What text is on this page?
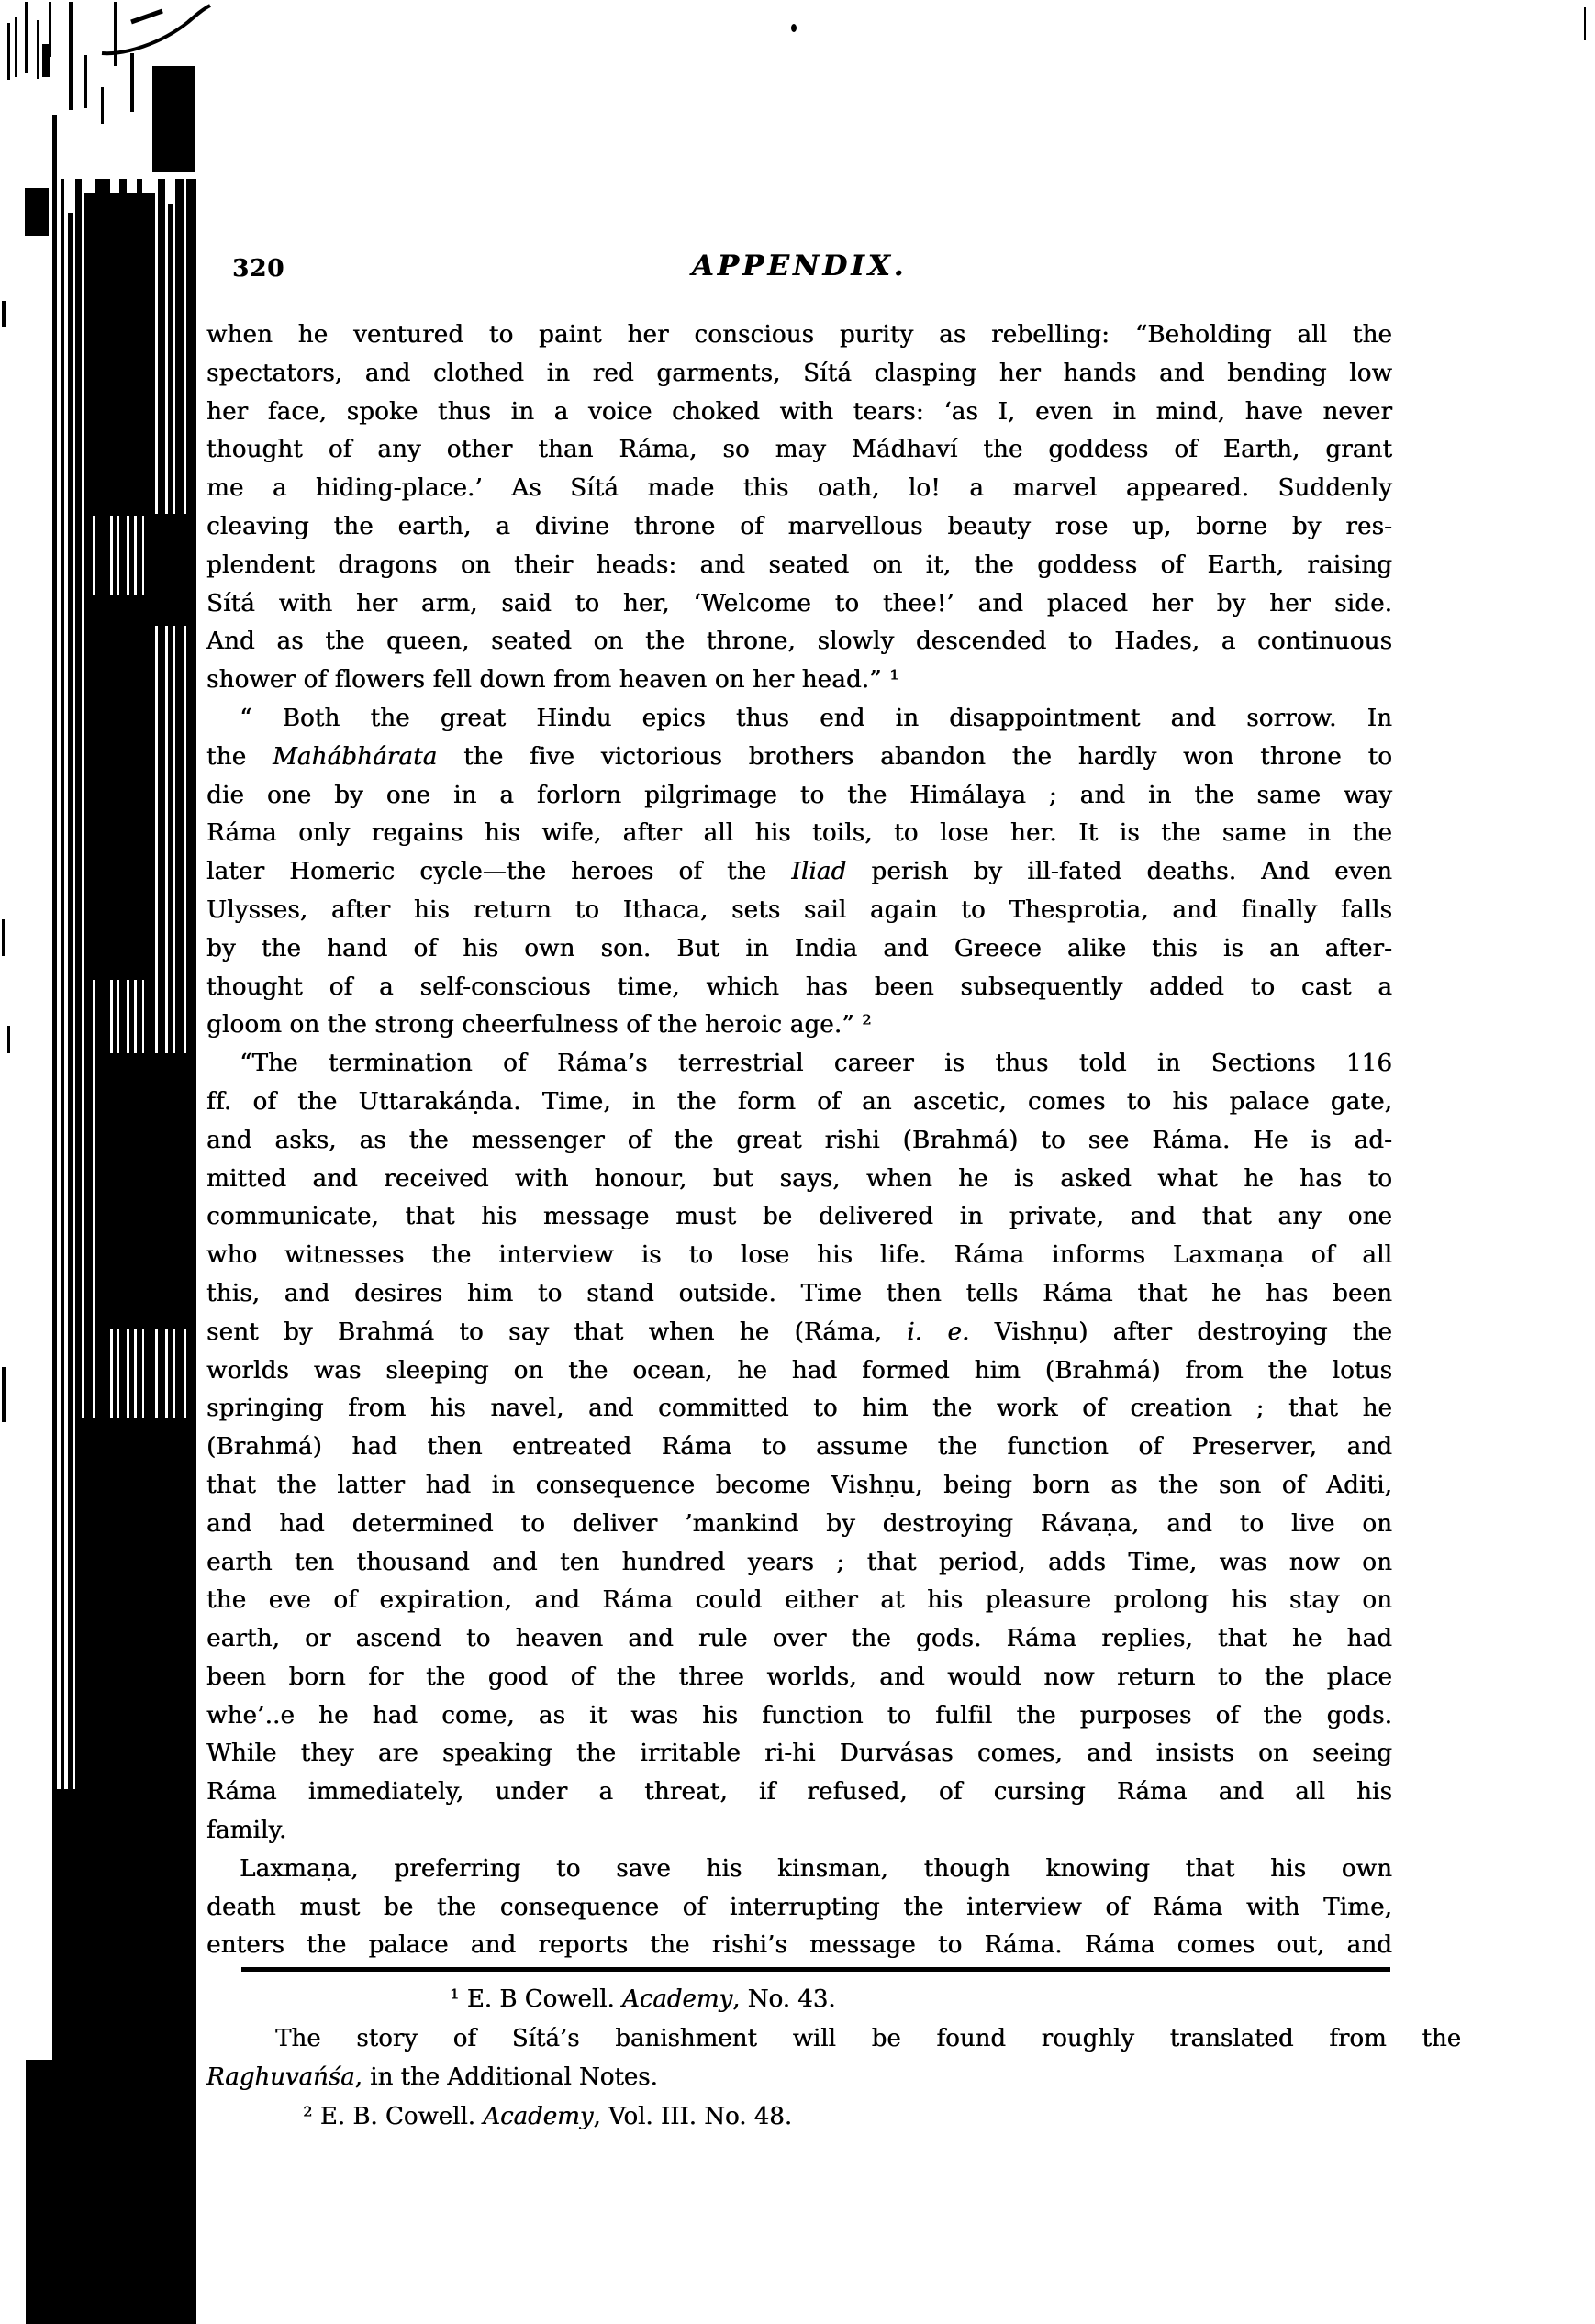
320	APPENDIX.
when he ventured to paint her conscious purity as rebelling: “Beholding all the
spectators, and clothed in red garments, Sítá clasping her hands and bending low
her face, spoke thus in a voice choked with tears: ‘as I, even in mind, have never
thought of any other than Ráma, so may Mádhaví the goddess of Earth, grant
me a hiding-place.’ As Sítá made this oath, lo! a marvel appeared. Suddenly
cleaving the earth, a divine throne of marvellous beauty rose up, borne by res-
plendent dragons on their heads: and seated on it, the goddess of Earth, raising
Sítá with her arm, said to her, ‘Welcome to thee!’ and placed her by her side.
And as the queen, seated on the throne, slowly descended to Hades, a continuous
shower of flowers fell down from heaven on her head.” ¹
“ Both the great Hindu epics thus end in disappointment and sorrow. In
the Mahábhárata the five victorious brothers abandon the hardly won throne to
die one by one in a forlorn pilgrimage to the Himálaya ; and in the same way
Ráma only regains his wife, after all his toils, to lose her. It is the same in the
later Homeric cycle—the heroes of the Iliad perish by ill-fated deaths. And even
Ulysses, after his return to Ithaca, sets sail again to Thesprotia, and finally falls
by the hand of his own son. But in India and Greece alike this is an after-
thought of a self-conscious time, which has been subsequently added to cast a
gloom on the strong cheerfulness of the heroic age.” ²
“The termination of Ráma’s terrestrial career is thus told in Sections 116
ff. of the Uttarakáṇda. Time, in the form of an ascetic, comes to his palace gate,
and asks, as the messenger of the great rishi (Brahmá) to see Ráma. He is ad-
mitted and received with honour, but says, when he is asked what he has to
communicate, that his message must be delivered in private, and that any one
who witnesses the interview is to lose his life. Ráma informs Laxmaṇa of all
this, and desires him to stand outside. Time then tells Ráma that he has been
sent by Brahmá to say that when he (Ráma, i. e. Vishṇu) after destroying the
worlds was sleeping on the ocean, he had formed him (Brahmá) from the lotus
springing from his navel, and committed to him the work of creation ; that he
(Brahmá) had then entreated Ráma to assume the function of Preserver, and
that the latter had in consequence become Vishṇu, being born as the son of Aditi,
and had determined to deliver ’mankind by destroying Rávaṇa, and to live on
earth ten thousand and ten hundred years ; that period, adds Time, was now on
the eve of expiration, and Ráma could either at his pleasure prolong his stay on
earth, or ascend to heaven and rule over the gods. Ráma replies, that he had
been born for the good of the three worlds, and would now return to the place
whe’..e he had come, as it was his function to fulfil the purposes of the gods.
While they are speaking the irritable ri-hi Durvásas comes, and insists on seeing
Ráma immediately, under a threat, if refused, of cursing Ráma and all his
family.
Laxmaṇa, preferring to save his kinsman, though knowing that his own
death must be the consequence of interrupting the interview of Ráma with Time,
enters the palace and reports the rishi’s message to Ráma. Ráma comes out, and
¹ E. B Cowell. Academy, No. 43.
The story of Sítá’s banishment will be found roughly translated from the
Raghuvańśa, in the Additional Notes.
² E. B. Cowell. Academy, Vol. III. No. 48.
